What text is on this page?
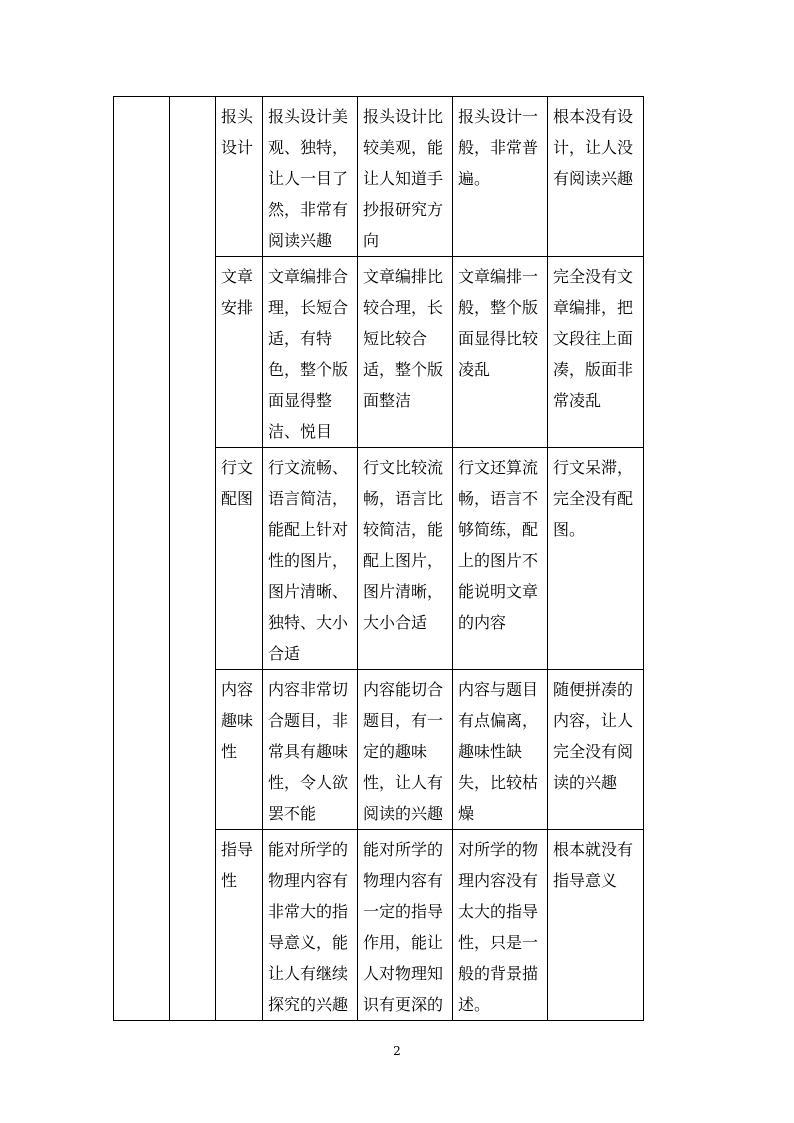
		报头设计	报头设计美观、独特，让人一目了然，非常有阅读兴趣	报头设计比较美观，能让人知道手抄报研究方向	报头设计一般，非常普遍。	根本没有设计，让人没有阅读兴趣
		文章安排	文章编排合理，长短合适，有特色，整个版面显得整洁、悦目	文章编排比较合理，长短比较合适，整个版面整洁	文章编排一般，整个版面显得比较凌乱	完全没有文章编排，把文段往上面凑，版面非常凌乱
		行文配图	行文流畅、语言简洁，能配上针对性的图片，图片清晰、独特、大小合适	行文比较流畅，语言比较简洁，能配上图片，图片清晰，大小合适	行文还算流畅，语言不够简练，配上的图片不能说明文章的内容	行文呆滞，完全没有配图。
		内容趣味性	内容非常切合题目，非常具有趣味性，令人欲罢不能	内容能切合题目，有一定的趣味性，让人有阅读的兴趣	内容与题目有点偏离，趣味性缺失，比较枯燥	随便拼凑的内容，让人完全没有阅读的兴趣
		指导性	能对所学的物理内容有非常大的指导意义，能让人有继续探究的兴趣	能对所学的物理内容有一定的指导作用，能让人对物理知识有更深的	对所学的物理内容没有太大的指导性，只是一般的背景描述。	根本就没有指导意义
2
